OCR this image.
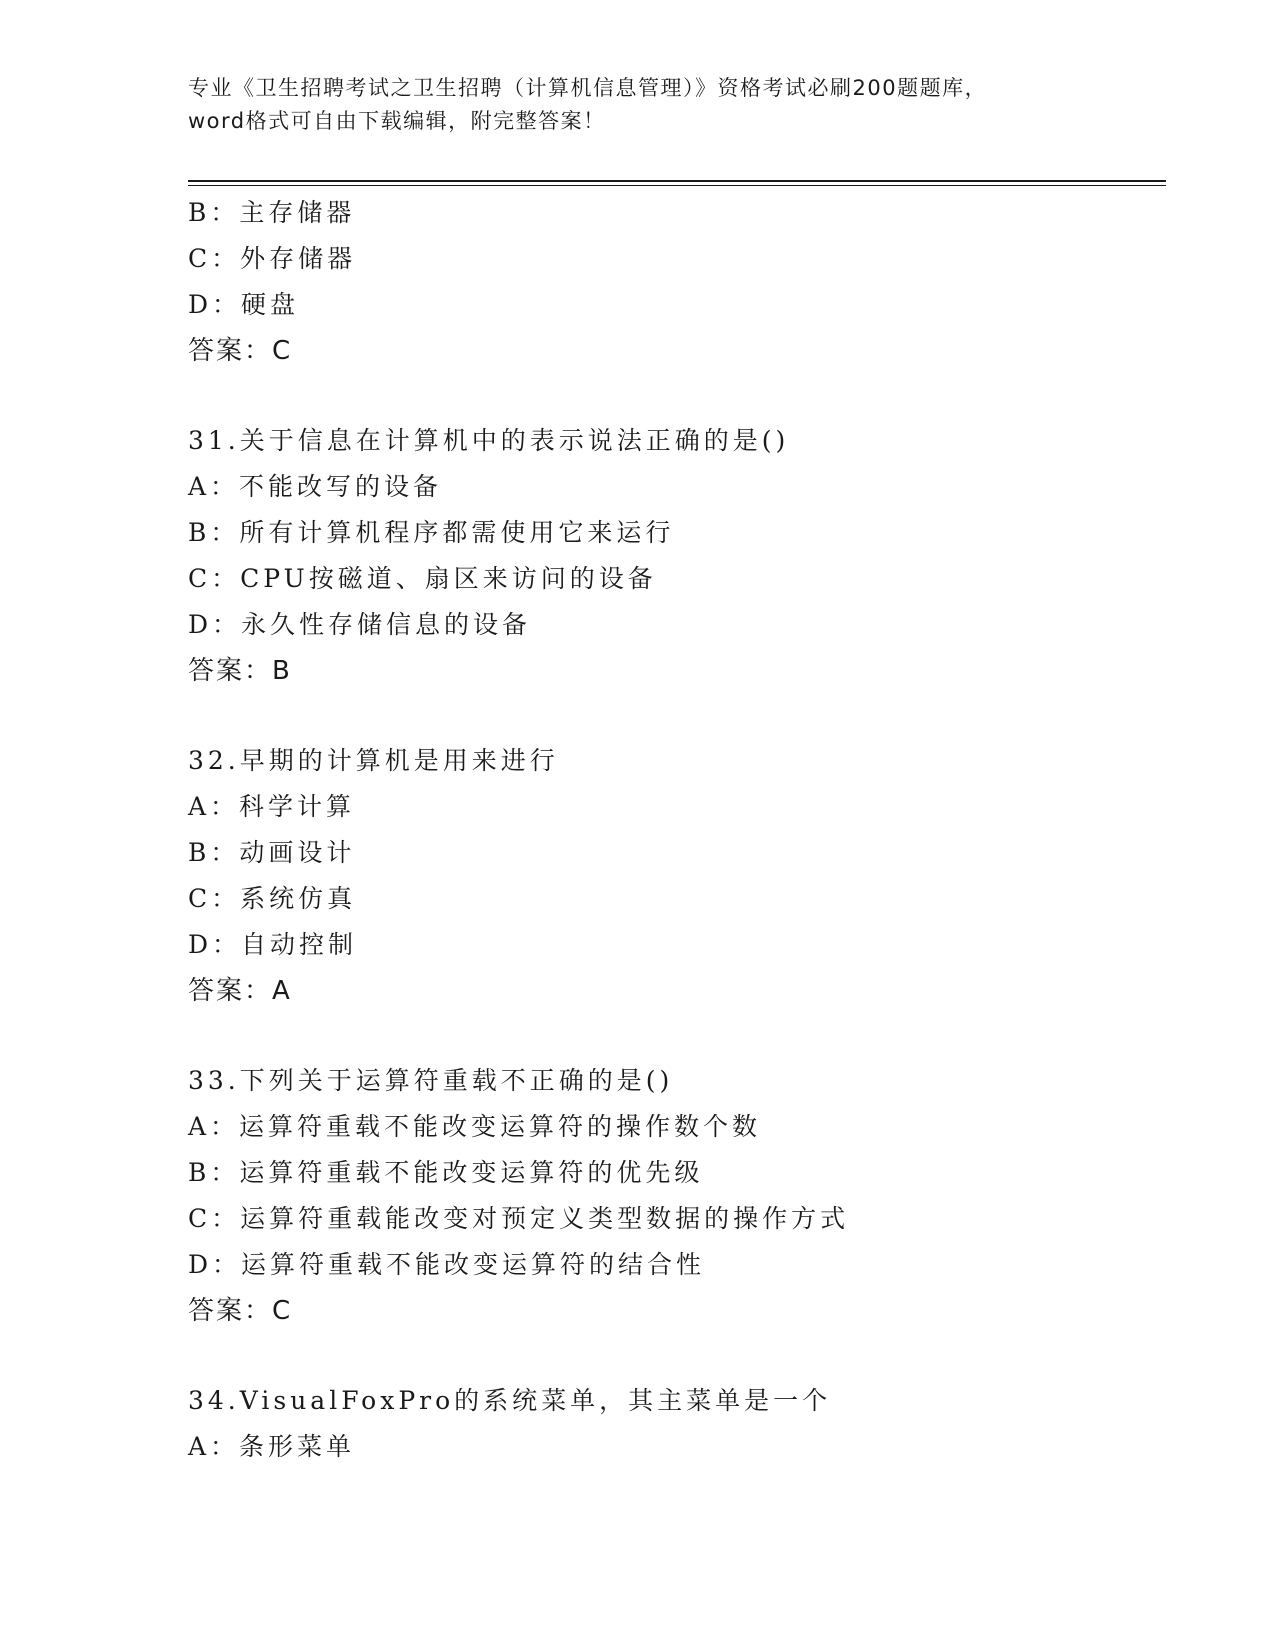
专业《卫生招聘考试之卫生招聘（计算机信息管理）》资格考试必刷200题题库，
word格式可自由下载编辑，附完整答案！
B：主存储器
C：外存储器
D：硬盘
答案：C
31.关于信息在计算机中的表示说法正确的是()
A：不能改写的设备
B：所有计算机程序都需使用它来运行
C：CPU按磁道、扇区来访问的设备
D：永久性存储信息的设备
答案：B
32.早期的计算机是用来进行
A：科学计算
B：动画设计
C：系统仿真
D：自动控制
答案：A
33.下列关于运算符重载不正确的是()
A：运算符重载不能改变运算符的操作数个数
B：运算符重载不能改变运算符的优先级
C：运算符重载能改变对预定义类型数据的操作方式
D：运算符重载不能改变运算符的结合性
答案：C
34.VisualFoxPro的系统菜单，其主菜单是一个
A：条形菜单
